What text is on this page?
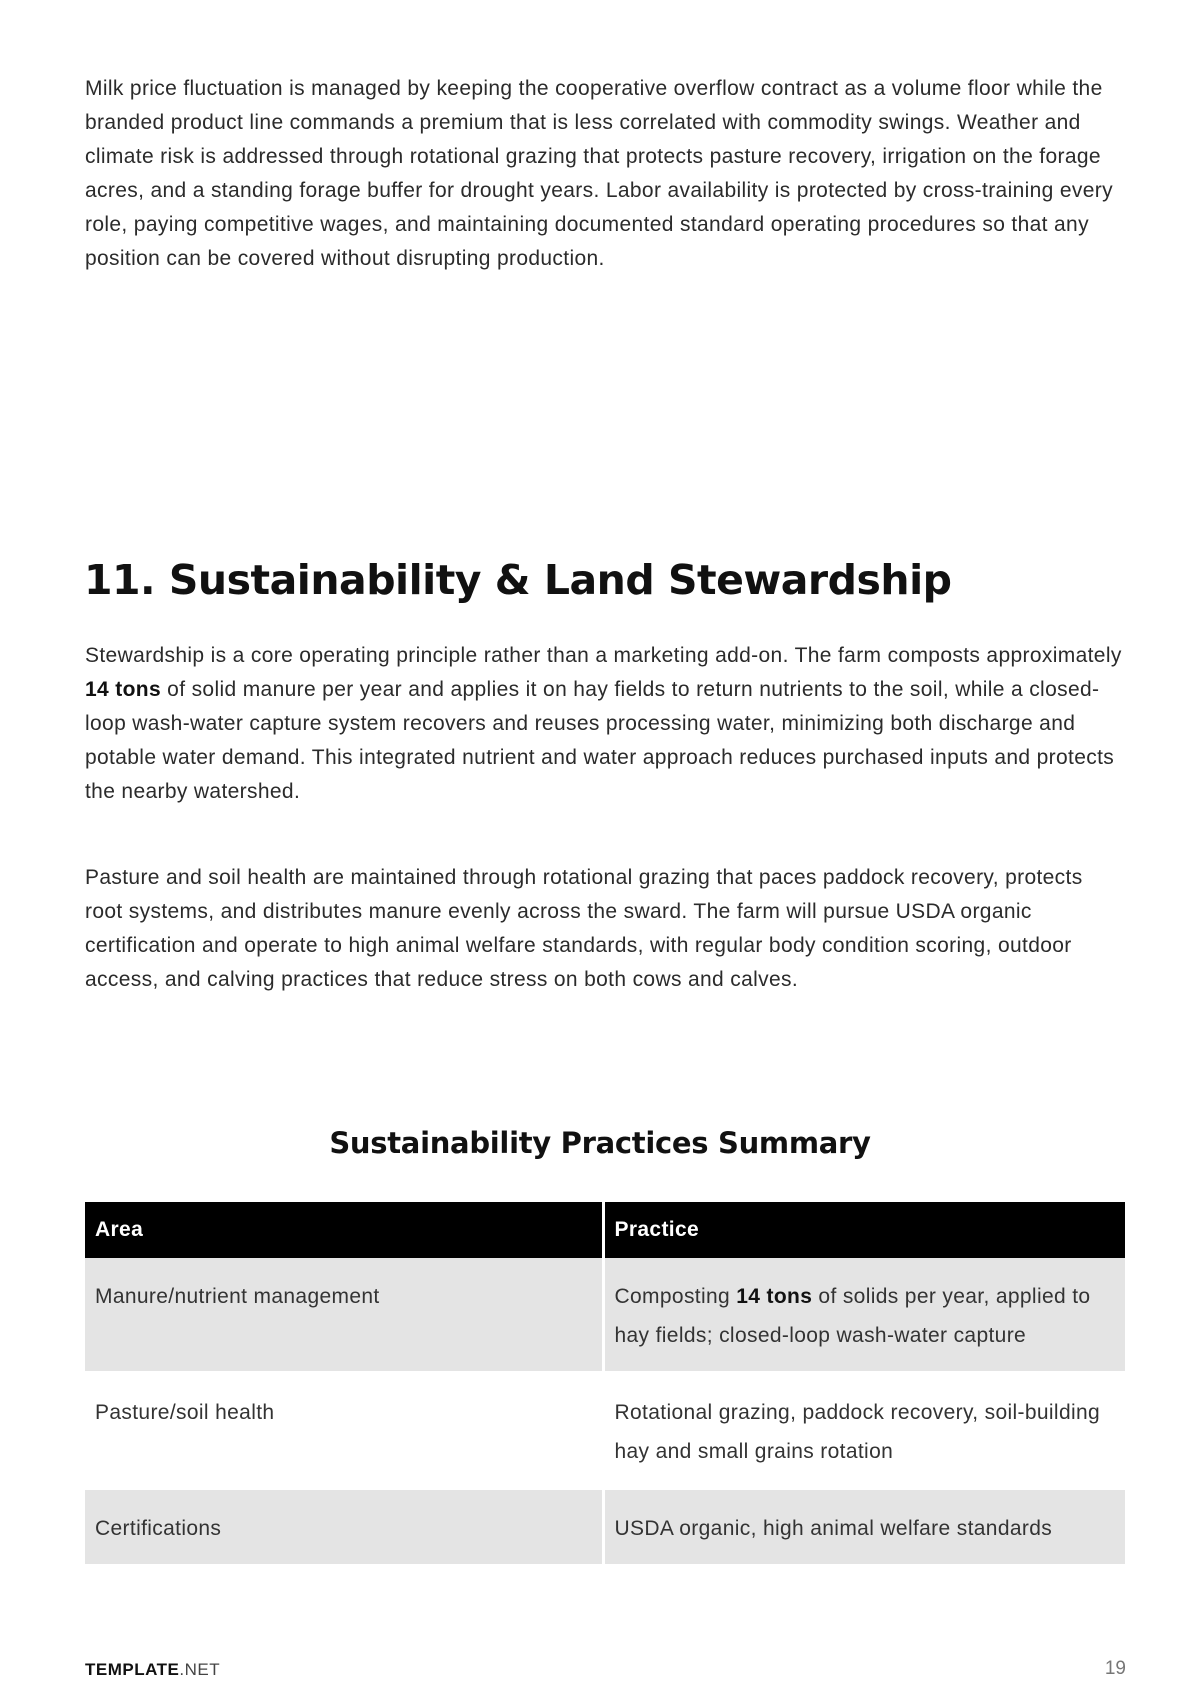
Milk price fluctuation is managed by keeping the cooperative overflow contract as a volume floor while the branded product line commands a premium that is less correlated with commodity swings. Weather and climate risk is addressed through rotational grazing that protects pasture recovery, irrigation on the forage acres, and a standing forage buffer for drought years. Labor availability is protected by cross-training every role, paying competitive wages, and maintaining documented standard operating procedures so that any position can be covered without disrupting production.

11. Sustainability & Land Stewardship

Stewardship is a core operating principle rather than a marketing add-on. The farm composts approximately 14 tons of solid manure per year and applies it on hay fields to return nutrients to the soil, while a closed-loop wash-water capture system recovers and reuses processing water, minimizing both discharge and potable water demand. This integrated nutrient and water approach reduces purchased inputs and protects the nearby watershed.

Pasture and soil health are maintained through rotational grazing that paces paddock recovery, protects root systems, and distributes manure evenly across the sward. The farm will pursue USDA organic certification and operate to high animal welfare standards, with regular body condition scoring, outdoor access, and calving practices that reduce stress on both cows and calves.

Sustainability Practices Summary
Area	Practice
Manure/nutrient management	Composting 14 tons of solids per year, applied to hay fields; closed-loop wash-water capture
Pasture/soil health	Rotational grazing, paddock recovery, soil-building hay and small grains rotation
Certifications	USDA organic, high animal welfare standards
TEMPLATE.NET	19
